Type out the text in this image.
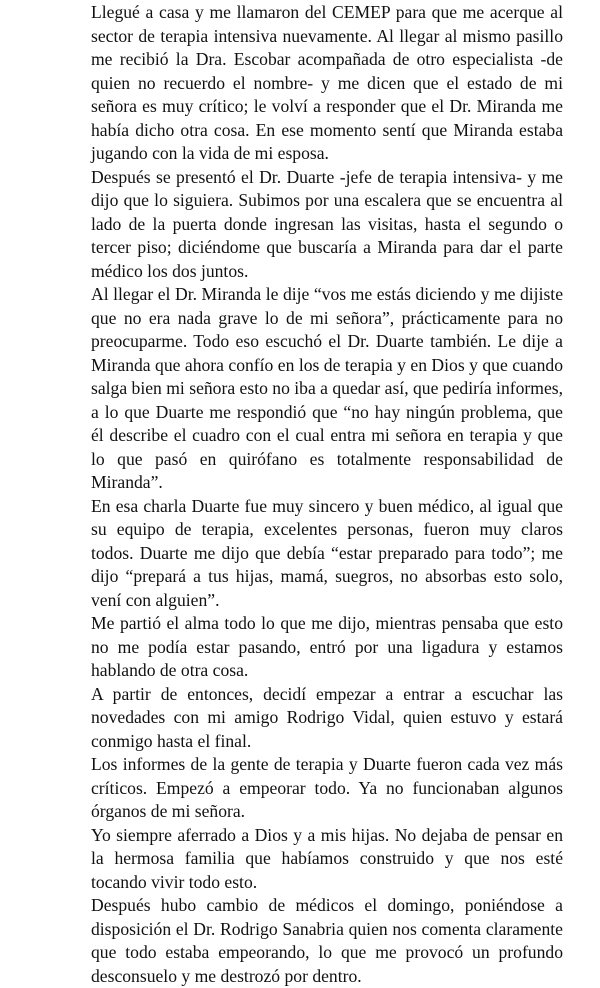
Llegué a casa y me llamaron del CEMEP para que me acerque al sector de terapia intensiva nuevamente. Al llegar al mismo pasillo me recibió la Dra. Escobar acompañada de otro especialista -de quien no recuerdo el nombre- y me dicen que el estado de mi señora es muy crítico; le volví a responder que el Dr. Miranda me había dicho otra cosa. En ese momento sentí que Miranda estaba jugando con la vida de mi esposa.

Después se presentó el Dr. Duarte -jefe de terapia intensiva- y me dijo que lo siguiera. Subimos por una escalera que se encuentra al lado de la puerta donde ingresan las visitas, hasta el segundo o tercer piso; diciéndome que buscaría a Miranda para dar el parte médico los dos juntos.

Al llegar el Dr. Miranda le dije “vos me estás diciendo y me dijiste que no era nada grave lo de mi señora”, prácticamente para no preocuparme. Todo eso escuchó el Dr. Duarte también. Le dije a Miranda que ahora confío en los de terapia y en Dios y que cuando salga bien mi señora esto no iba a quedar así, que pediría informes, a lo que Duarte me respondió que “no hay ningún problema, que él describe el cuadro con el cual entra mi señora en terapia y que lo que pasó en quirófano es totalmente responsabilidad de Miranda”.

En esa charla Duarte fue muy sincero y buen médico, al igual que su equipo de terapia, excelentes personas, fueron muy claros todos. Duarte me dijo que debía “estar preparado para todo”; me dijo “prepará a tus hijas, mamá, suegros, no absorbas esto solo, vení con alguien”.

Me partió el alma todo lo que me dijo, mientras pensaba que esto no me podía estar pasando, entró por una ligadura y estamos hablando de otra cosa.

A partir de entonces, decidí empezar a entrar a escuchar las novedades con mi amigo Rodrigo Vidal, quien estuvo y estará conmigo hasta el final.

Los informes de la gente de terapia y Duarte fueron cada vez más críticos. Empezó a empeorar todo. Ya no funcionaban algunos órganos de mi señora.

Yo siempre aferrado a Dios y a mis hijas. No dejaba de pensar en la hermosa familia que habíamos construido y que nos esté tocando vivir todo esto.

Después hubo cambio de médicos el domingo, poniéndose a disposición el Dr. Rodrigo Sanabria quien nos comenta claramente que todo estaba empeorando, lo que me provocó un profundo desconsuelo y me destrozó por dentro.
